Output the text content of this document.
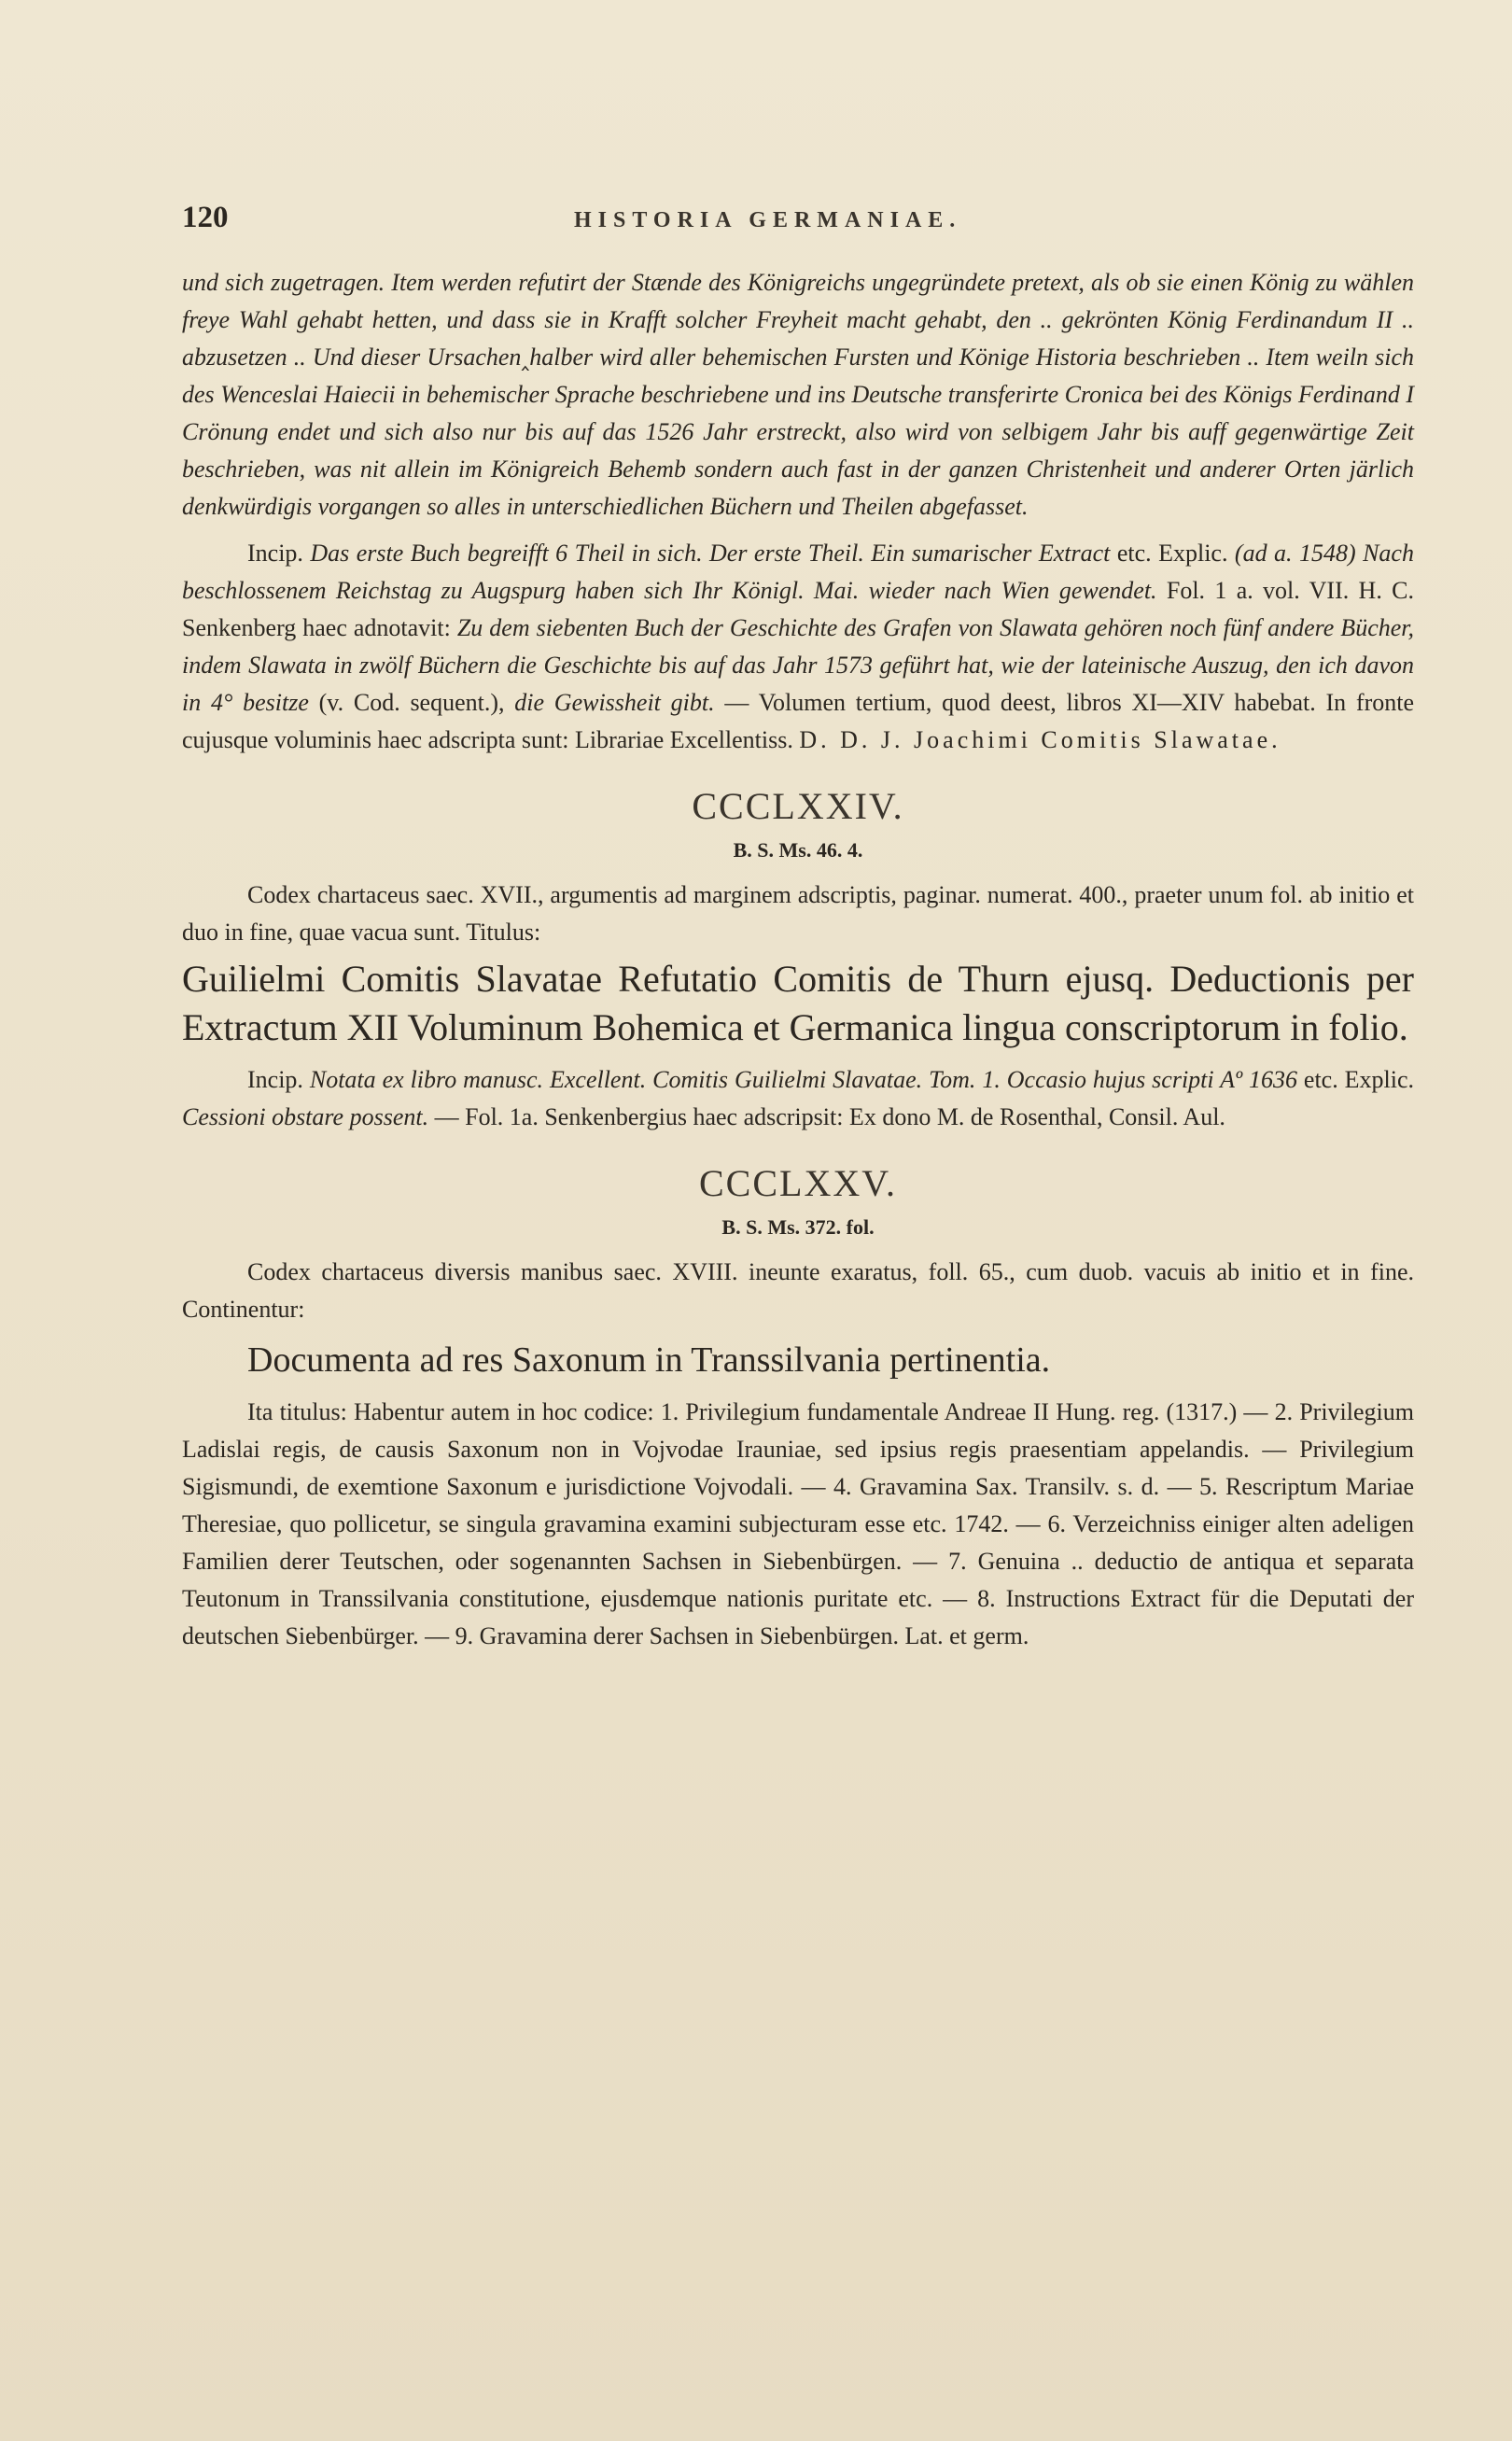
120	HISTORIA GERMANIAE.

und sich zugetragen. Item werden refutirt der Stænde des Königreichs ungegründete pretext, als ob sie einen König zu wählen freye Wahl gehabt hetten, und dass sie in Krafft solcher Freyheit macht gehabt, den .. gekrönten König Ferdinandum II .. abzusetzen .. Und dieser Ursachen‸halber wird aller behemischen Fursten und Könige Historia beschrieben .. Item weiln sich des Wenceslai Haiecii in behemischer Sprache beschriebene und ins Deutsche transferirte Cronica bei des Königs Ferdinand I Crönung endet und sich also nur bis auf das 1526 Jahr erstreckt, also wird von selbigem Jahr bis auff gegenwärtige Zeit beschrieben, was nit allein im Königreich Behemb sondern auch fast in der ganzen Christenheit und anderer Orten järlich denkwürdigis vorgangen so alles in unterschiedlichen Büchern und Theilen abgefasset.

Incip. Das erste Buch begreifft 6 Theil in sich. Der erste Theil. Ein sumarischer Extract etc. Explic. (ad a. 1548) Nach beschlossenem Reichstag zu Augspurg haben sich Ihr Königl. Mai. wieder nach Wien gewendet. Fol. 1 a. vol. VII. H. C. Senkenberg haec adnotavit: Zu dem siebenten Buch der Geschichte des Grafen von Slawata gehören noch fünf andere Bücher, indem Slawata in zwölf Büchern die Geschichte bis auf das Jahr 1573 geführt hat, wie der lateinische Auszug, den ich davon in 4° besitze (v. Cod. sequent.), die Gewissheit gibt. — Volumen tertium, quod deest, libros XI—XIV habebat. In fronte cujusque voluminis haec adscripta sunt: Librariae Excellentiss. D. D. J. Joachimi Comitis Slawatae.

CCCLXXIV.
B. S. Ms. 46. 4.

Codex chartaceus saec. XVII., argumentis ad marginem adscriptis, paginar. numerat. 400., praeter unum fol. ab initio et duo in fine, quae vacua sunt. Titulus:

Guilielmi Comitis Slavatae Refutatio Comitis de Thurn ejusq. Deductionis per Extractum XII Voluminum Bohemica et Germanica lingua conscriptorum in folio.

Incip. Notata ex libro manusc. Excellent. Comitis Guilielmi Slavatae. Tom. 1. Occasio hujus scripti Aº 1636 etc. Explic. Cessioni obstare possent. — Fol. 1a. Senkenbergius haec adscripsit: Ex dono M. de Rosenthal, Consil. Aul.

CCCLXXV.
B. S. Ms. 372. fol.

Codex chartaceus diversis manibus saec. XVIII. ineunte exaratus, foll. 65., cum duob. vacuis ab initio et in fine. Continentur:

Documenta ad res Saxonum in Transsilvania pertinentia.

Ita titulus: Habentur autem in hoc codice: 1. Privilegium fundamentale Andreae II Hung. reg. (1317.) — 2. Privilegium Ladislai regis, de causis Saxonum non in Vojvodae Irauniae, sed ipsius regis praesentiam appelandis. — Privilegium Sigismundi, de exemtione Saxonum e jurisdictione Vojvodali. — 4. Gravamina Sax. Transilv. s. d. — 5. Rescriptum Mariae Theresiae, quo pollicetur, se singula gravamina examini subjecturam esse etc. 1742. — 6. Verzeichniss einiger alten adeligen Familien derer Teutschen, oder sogenannten Sachsen in Siebenbürgen. — 7. Genuina .. deductio de antiqua et separata Teutonum in Transsilvania constitutione, ejusdemque nationis puritate etc. — 8. Instructions Extract für die Deputati der deutschen Siebenbürger. — 9. Gravamina derer Sachsen in Siebenbürgen. Lat. et germ.
